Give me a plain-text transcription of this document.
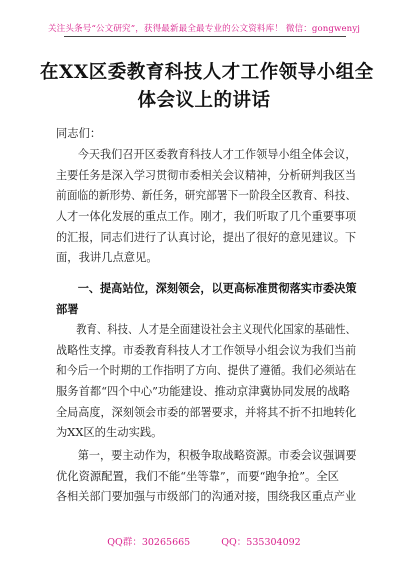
关注头条号“公文研究”，获得最新最全最专业的公文资料库！ 微信：gongwenyj
在XX区委教育科技人才工作领导小组全
体会议上的讲话
同志们：
今天我们召开区委教育科技人才工作领导小组全体会议，
主要任务是深入学习贯彻市委相关会议精神，分析研判我区当
前面临的新形势、新任务，研究部署下一阶段全区教育、科技、
人才一体化发展的重点工作。刚才，我们听取了几个重要事项
的汇报，同志们进行了认真讨论，提出了很好的意见建议。下
面，我讲几点意见。
一、提高站位，深刻领会，以更高标准贯彻落实市委决策
部署
教育、科技、人才是全面建设社会主义现代化国家的基础性、
战略性支撑。市委教育科技人才工作领导小组会议为我们当前
和今后一个时期的工作指明了方向、提供了遵循。我们必须站在
服务首都“四个中心”功能建设、推动京津冀协同发展的战略
全局高度，深刻领会市委的部署要求，并将其不折不扣地转化
为XX区的生动实践。
第一，要主动作为，积极争取战略资源。市委会议强调要
优化资源配置，我们不能“坐等靠”，而要“跑争抢”。全区
各相关部门要加强与市级部门的沟通对接，围绕我区重点产业
QQ群：30265665	QQ：535304092
